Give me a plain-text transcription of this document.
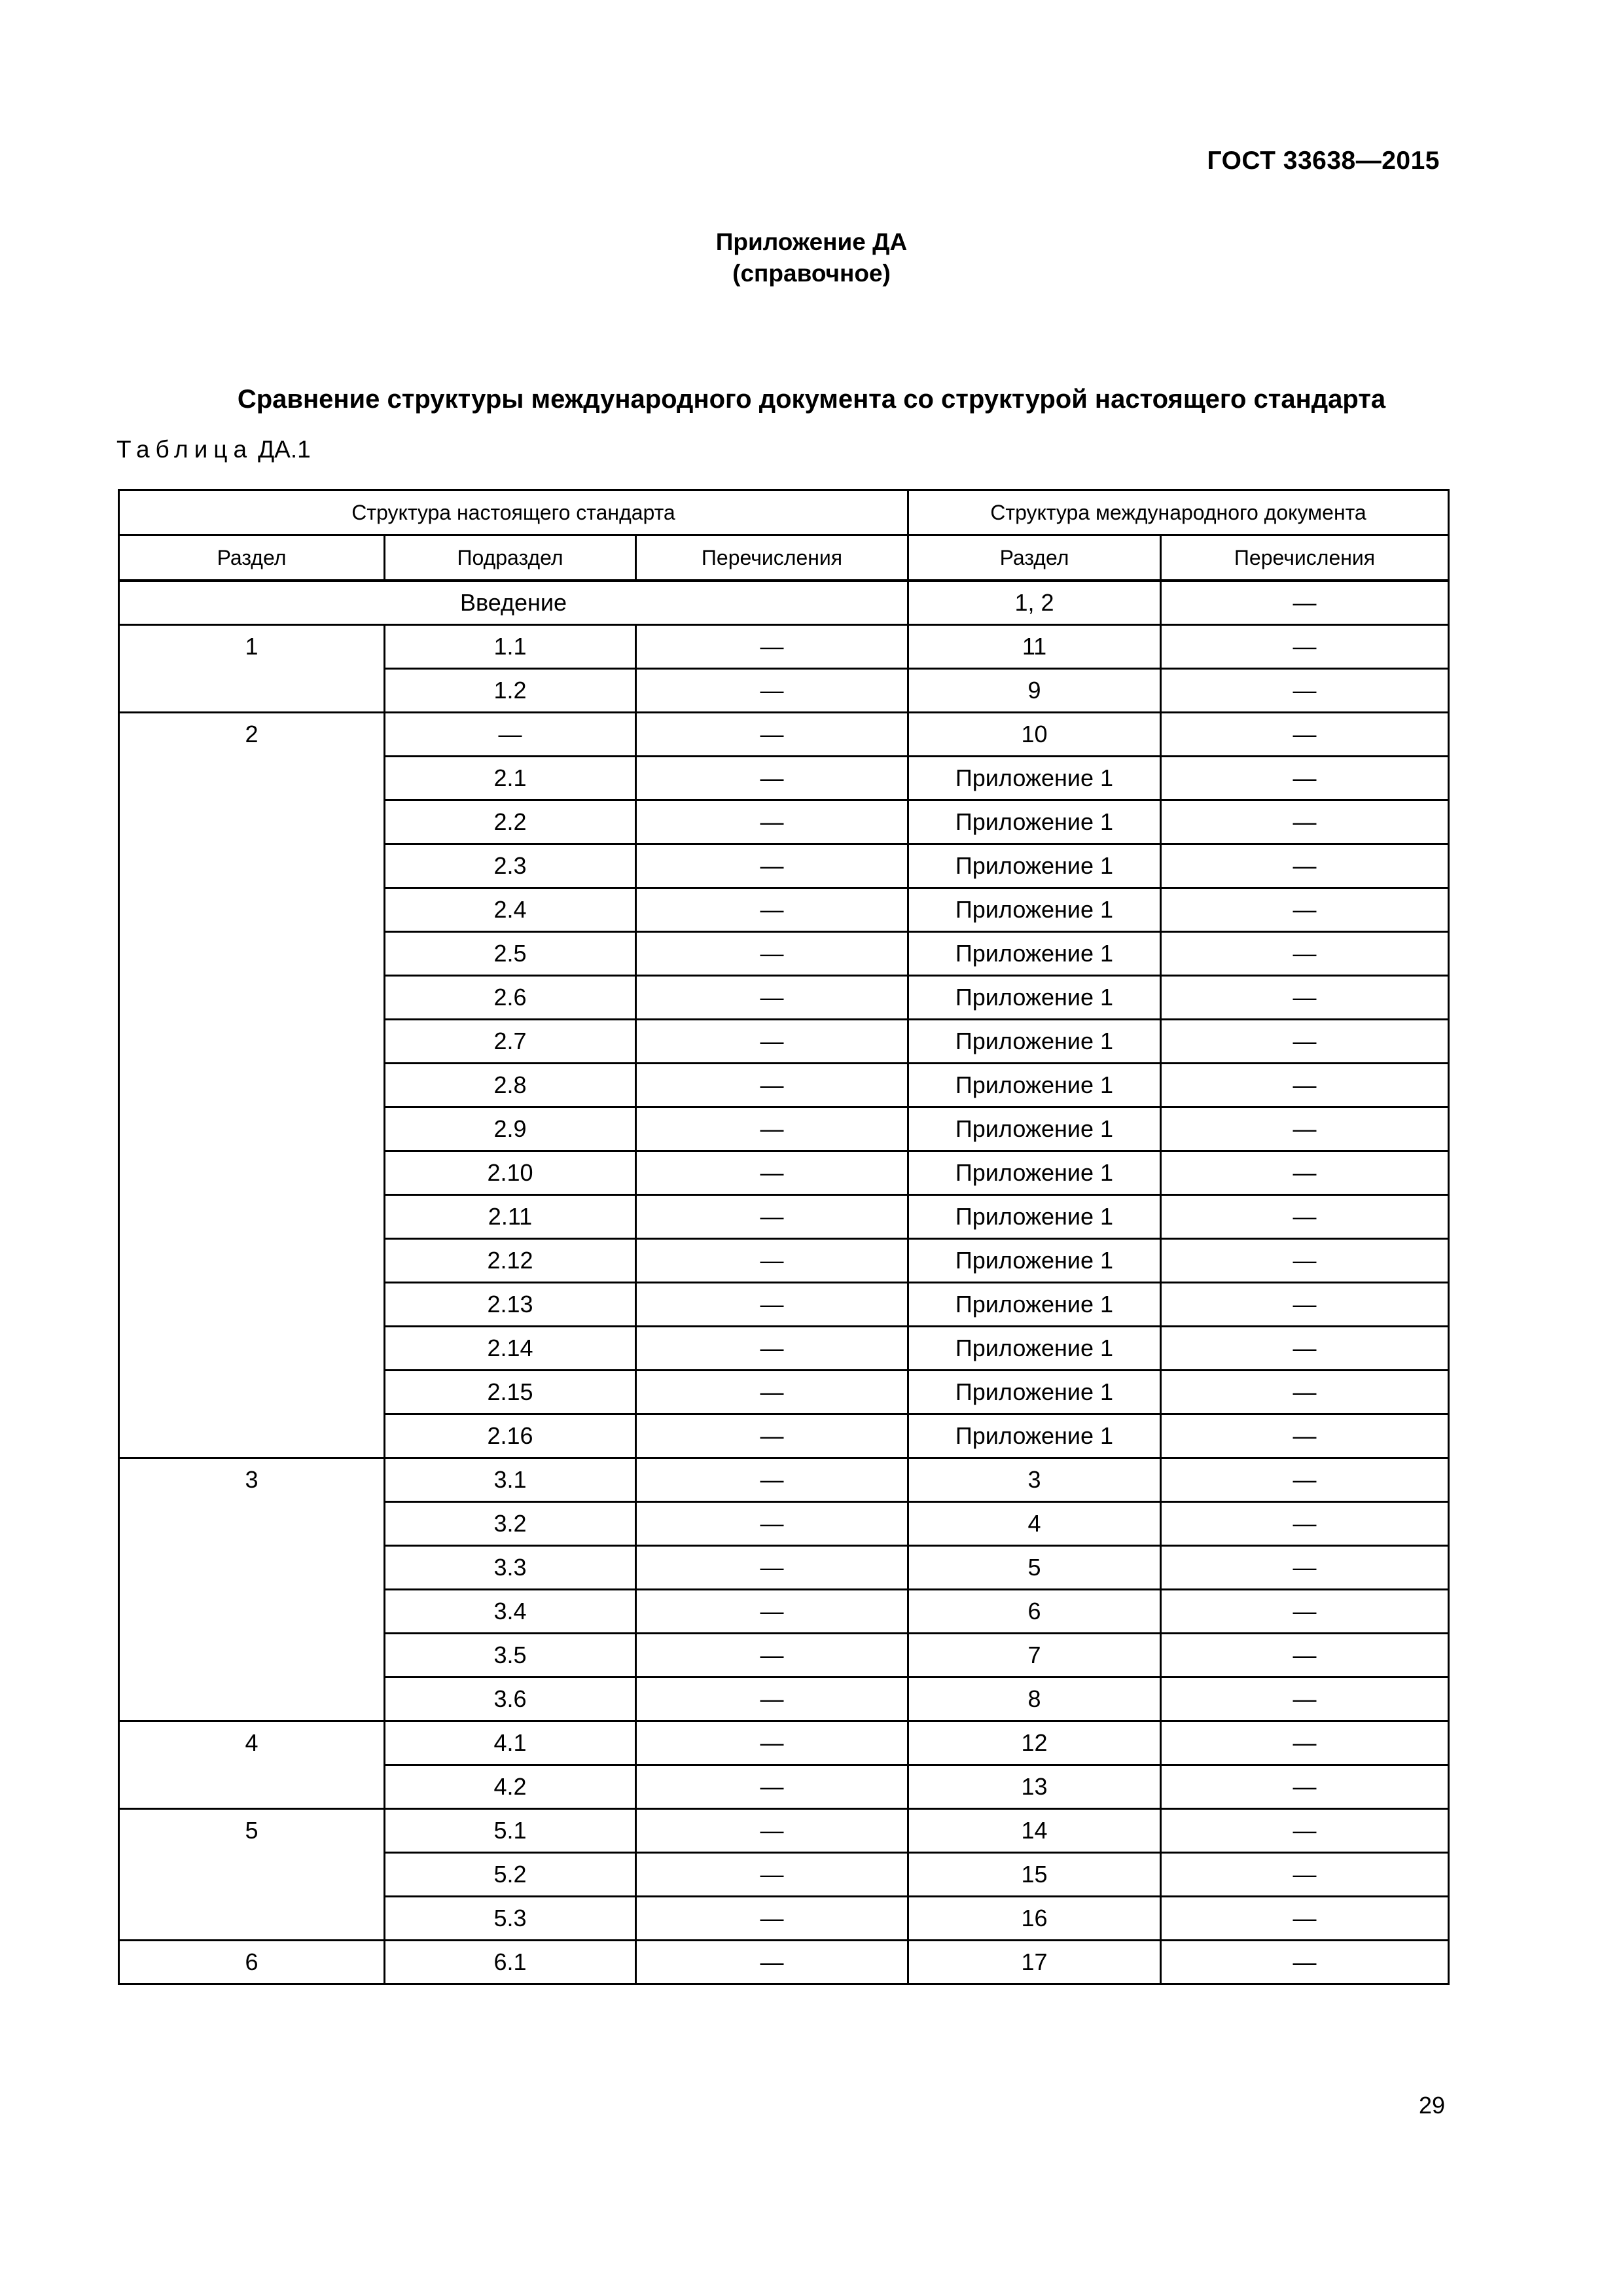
ГОСТ 33638—2015
Приложение ДА
(справочное)
Сравнение структуры международного документа со структурой настоящего стандарта
Таблица ДА.1
Структура настоящего стандарта			Структура международного документа	
Раздел	Подраздел	Перечисления	Раздел	Перечисления
Введение			1, 2	—
1	1.1	—	11	—
	1.2	—	9	—
2	—	—	10	—
	2.1	—	Приложение 1	—
	2.2	—	Приложение 1	—
	2.3	—	Приложение 1	—
	2.4	—	Приложение 1	—
	2.5	—	Приложение 1	—
	2.6	—	Приложение 1	—
	2.7	—	Приложение 1	—
	2.8	—	Приложение 1	—
	2.9	—	Приложение 1	—
	2.10	—	Приложение 1	—
	2.11	—	Приложение 1	—
	2.12	—	Приложение 1	—
	2.13	—	Приложение 1	—
	2.14	—	Приложение 1	—
	2.15	—	Приложение 1	—
	2.16	—	Приложение 1	—
3	3.1	—	3	—
	3.2	—	4	—
	3.3	—	5	—
	3.4	—	6	—
	3.5	—	7	—
	3.6	—	8	—
4	4.1	—	12	—
	4.2	—	13	—
5	5.1	—	14	—
	5.2	—	15	—
	5.3	—	16	—
6	6.1	—	17	—
29
